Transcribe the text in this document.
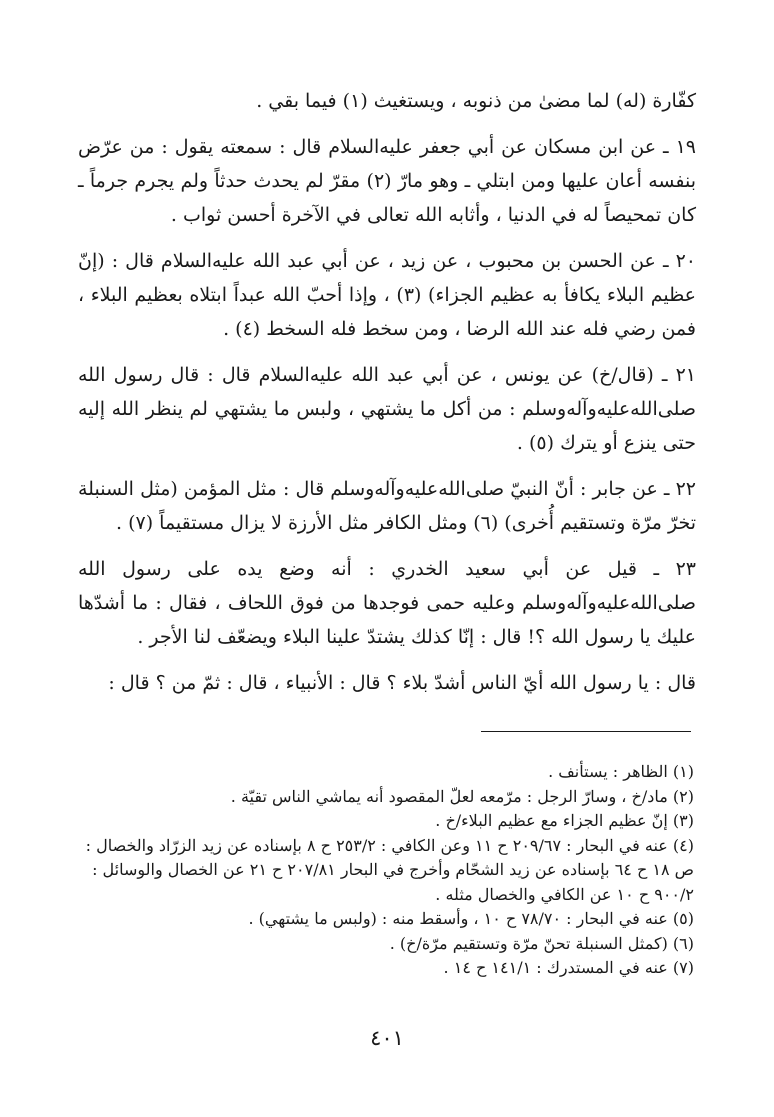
كفّارة (له) لما مضىٰ من ذنوبه ، ويستغيث (١) فيما بقي .

١٩ ـ عن ابن مسكان عن أبي جعفر عليه‌السلام قال : سمعته يقول : من عرّض بنفسه أعان عليها ومن ابتلي ـ وهو مارّ (٢) مقرّ لم يحدث حدثاً ولم يجرم جرماً ـ كان تمحيصاً له في الدنيا ، وأثابه الله تعالى في الآخرة أحسن ثواب .

٢٠ ـ عن الحسن بن محبوب ، عن زيد ، عن أبي عبد الله عليه‌السلام قال : (إنّ عظيم البلاء يكافأ به عظيم الجزاء) (٣) ، وإذا أحبّ الله عبداً ابتلاه بعظيم البلاء ، فمن رضي فله عند الله الرضا ، ومن سخط فله السخط (٤) .

٢١ ـ (قال/خ) عن يونس ، عن أبي عبد الله عليه‌السلام قال : قال رسول الله صلى‌الله‌عليه‌وآله‌وسلم : من أكل ما يشتهي ، ولبس ما يشتهي لم ينظر الله إليه حتى ينزع أو يترك (٥) .

٢٢ ـ عن جابر : أنّ النبيّ صلى‌الله‌عليه‌وآله‌وسلم قال : مثل المؤمن (مثل السنبلة تخرّ مرّة وتستقيم أُخرى) (٦) ومثل الكافر مثل الأرزة لا يزال مستقيماً (٧) .

٢٣ ـ قيل عن أبي سعيد الخدري : أنه وضع يده على رسول الله صلى‌الله‌عليه‌وآله‌وسلم وعليه حمى فوجدها من فوق اللحاف ، فقال : ما أشدّها عليك يا رسول الله ؟! قال : إنّا كذلك يشتدّ علينا البلاء ويضعّف لنا الأجر .

قال : يا رسول الله أيّ الناس أشدّ بلاء ؟ قال : الأنبياء ، قال : ثمّ من ؟ قال :

(١) الظاهر : يستأنف .

(٢) ماد/خ ، وسارّ الرجل : مرّمعه لعلّ المقصود أنه يماشي الناس تقيّة .

(٣) إنّ عظيم الجزاء مع عظيم البلاء/خ .

(٤) عنه في البحار : ٢٠٩/٦٧ ح ١١ وعن الكافي : ٢٥٣/٢ ح ٨ بإسناده عن زيد الزرّاد والخصال : ص ١٨ ح ٦٤ بإسناده عن زيد الشحّام وأخرج في البحار ٢٠٧/٨١ ح ٢١ عن الخصال والوسائل : ٩٠٠/٢ ح ١٠ عن الكافي والخصال مثله .

(٥) عنه في البحار : ٧٨/٧٠ ح ١٠ ، وأسقط منه : (ولبس ما يشتهي) .

(٦) (كمثل السنبلة تحنّ مرّة وتستقيم مرّة/خ) .

(٧) عنه في المستدرك : ١٤١/١ ح ١٤ .

٤٠١
